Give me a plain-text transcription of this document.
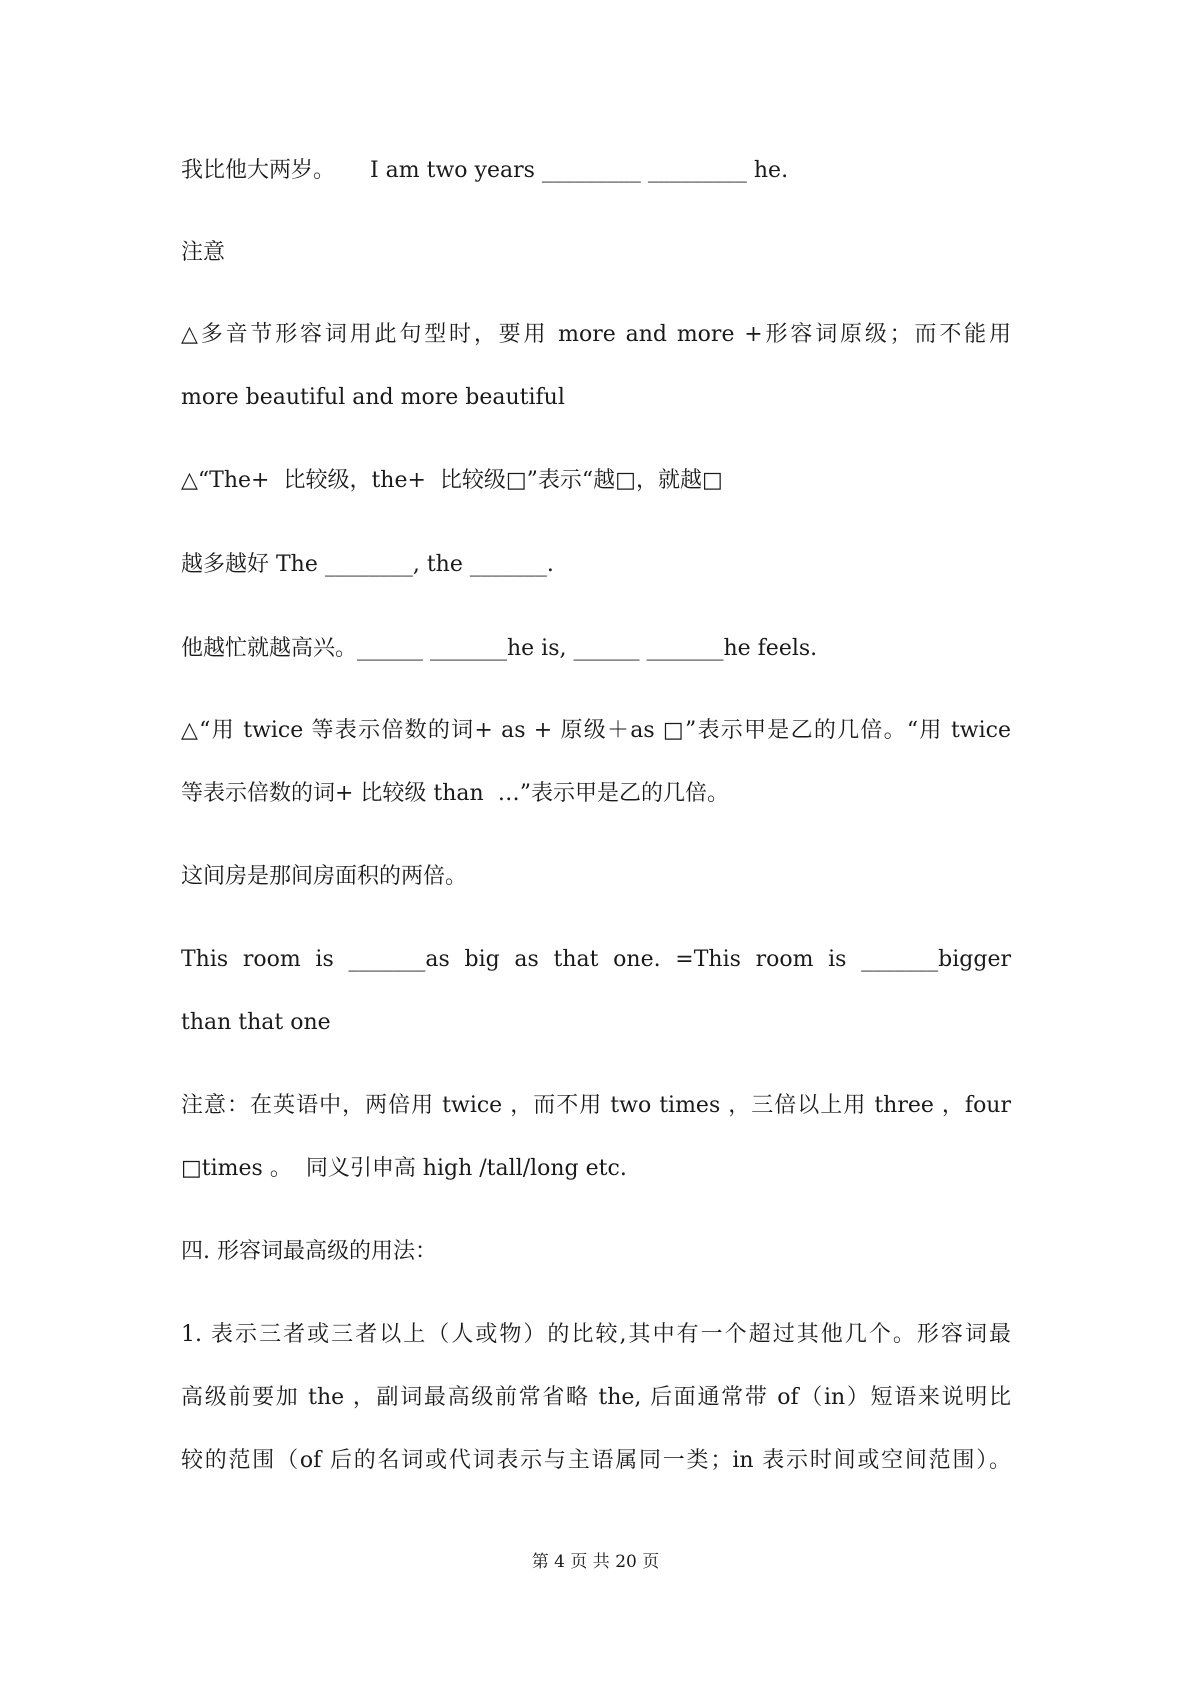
我比他大两岁。     I am two years _________ _________ he.
注意
△多音节形容词用此句型时，要用 more and more +形容词原级；而不能用
more beautiful and more beautiful
△“The+  比较级，the+  比较级□”表示“越□，就越□
越多越好 The ________, the _______.
他越忙就越高兴。______ _______he is, ______ _______he feels.
△“用 twice 等表示倍数的词+ as + 原级＋as □”表示甲是乙的几倍。“用 twice
等表示倍数的词+ 比较级 than  …”表示甲是乙的几倍。
这间房是那间房面积的两倍。
This room is _______as big as that one. =This room is _______bigger
than that one
注意：在英语中，两倍用 twice ，而不用 two times ，三倍以上用 three ，four
□times 。  同义引申高 high /tall/long etc.
四. 形容词最高级的用法：
1. 表示三者或三者以上（人或物）的比较,其中有一个超过其他几个。形容词最
高级前要加 the ，副词最高级前常省略 the, 后面通常带 of（in）短语来说明比
较的范围（of 后的名词或代词表示与主语属同一类；in 表示时间或空间范围）。
第 4 页 共 20 页
